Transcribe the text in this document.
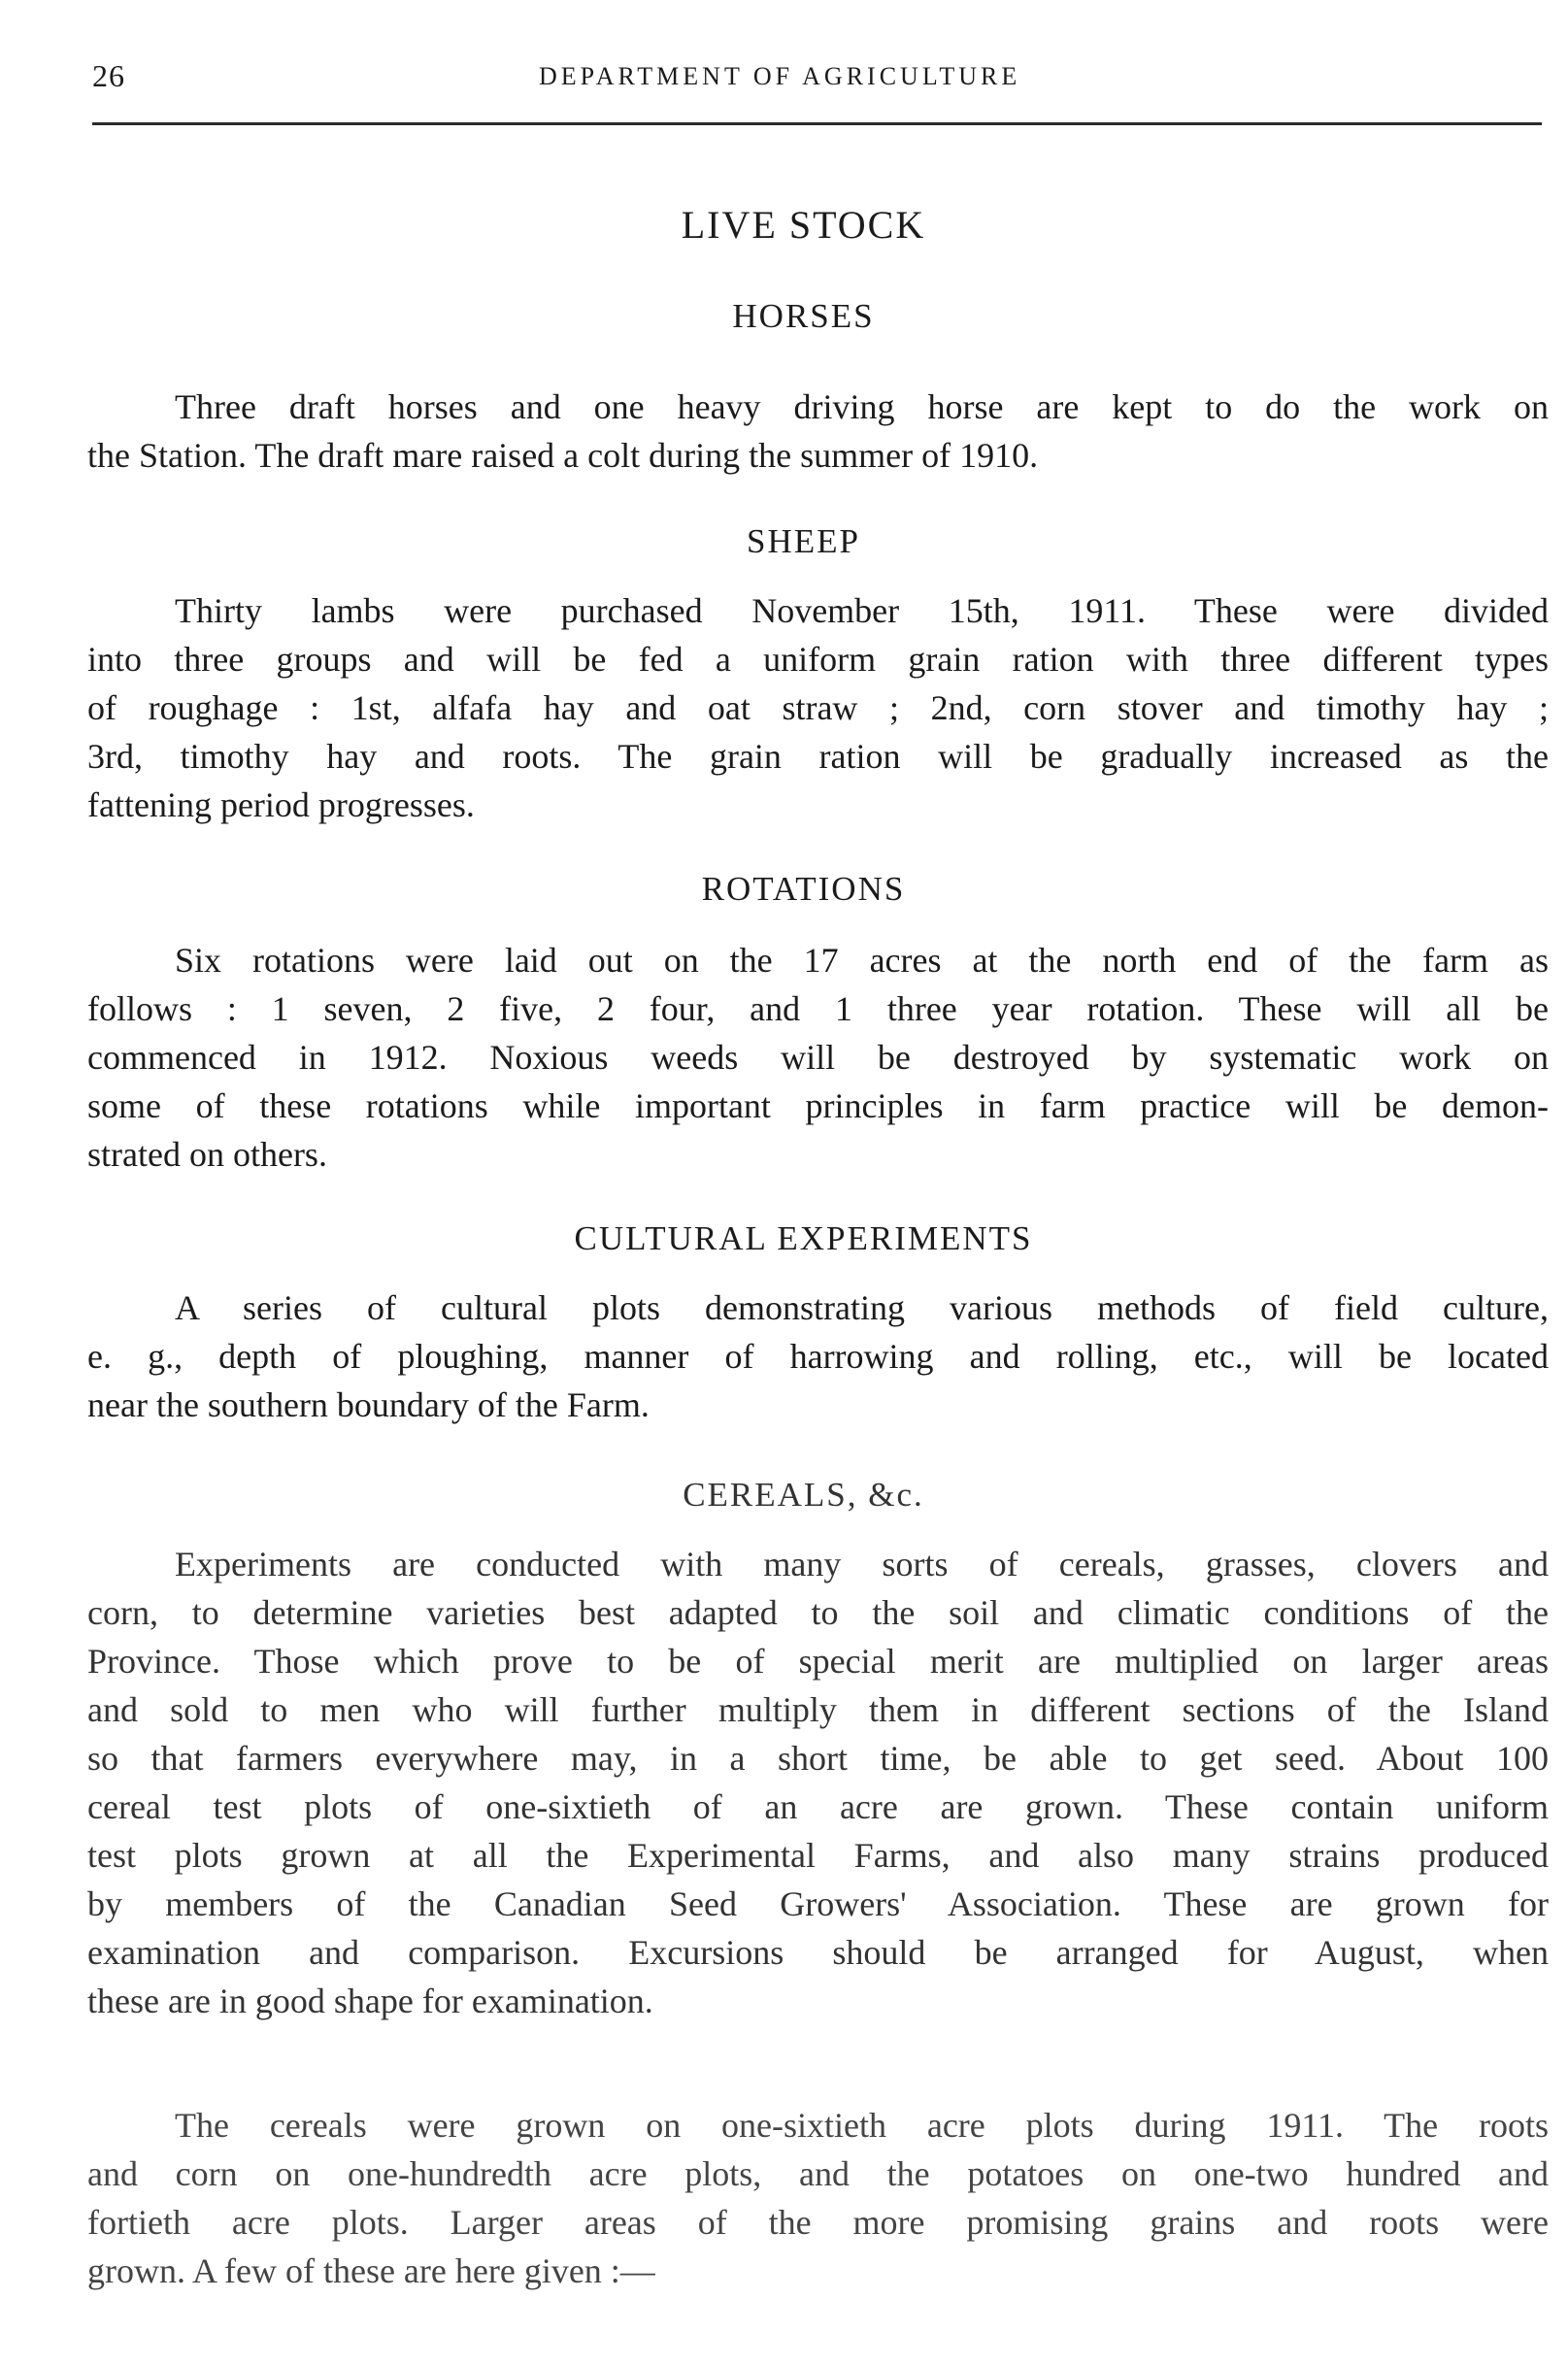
26	DEPARTMENT OF AGRICULTURE
LIVE STOCK
HORSES
Three draft horses and one heavy driving horse are kept to do the work on
the Station. The draft mare raised a colt during the summer of 1910.
SHEEP
Thirty lambs were purchased November 15th, 1911. These were divided
into three groups and will be fed a uniform grain ration with three different types
of roughage : 1st, alfafa hay and oat straw ; 2nd, corn stover and timothy hay ;
3rd, timothy hay and roots. The grain ration will be gradually increased as the
fattening period progresses.
ROTATIONS
Six rotations were laid out on the 17 acres at the north end of the farm as
follows : 1 seven, 2 five, 2 four, and 1 three year rotation. These will all be
commenced in 1912. Noxious weeds will be destroyed by systematic work on
some of these rotations while important principles in farm practice will be demon-
strated on others.
CULTURAL EXPERIMENTS
A series of cultural plots demonstrating various methods of field culture,
e. g., depth of ploughing, manner of harrowing and rolling, etc., will be located
near the southern boundary of the Farm.
CEREALS, &c.
Experiments are conducted with many sorts of cereals, grasses, clovers and
corn, to determine varieties best adapted to the soil and climatic conditions of the
Province. Those which prove to be of special merit are multiplied on larger areas
and sold to men who will further multiply them in different sections of the Island
so that farmers everywhere may, in a short time, be able to get seed. About 100
cereal test plots of one-sixtieth of an acre are grown. These contain uniform
test plots grown at all the Experimental Farms, and also many strains produced
by members of the Canadian Seed Growers' Association. These are grown for
examination and comparison. Excursions should be arranged for August, when
these are in good shape for examination.
The cereals were grown on one-sixtieth acre plots during 1911. The roots
and corn on one-hundredth acre plots, and the potatoes on one-two hundred and
fortieth acre plots. Larger areas of the more promising grains and roots were
grown. A few of these are here given :—
